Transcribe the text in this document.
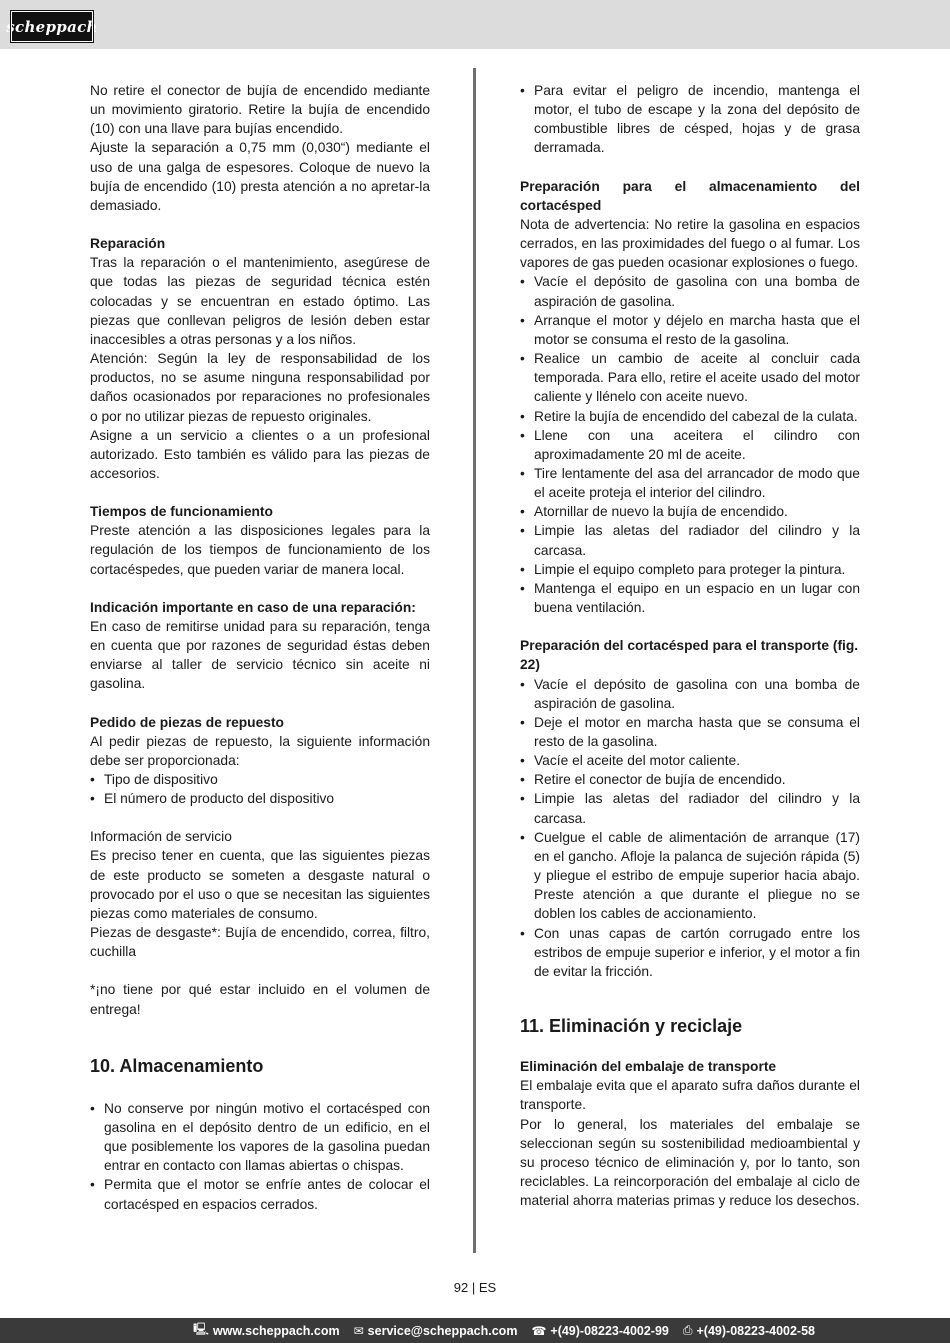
scheppach

No retire el conector de bujía de encendido mediante un movimiento giratorio. Retire la bujía de encendido (10) con una llave para bujías encendido.

Ajuste la separación a 0,75 mm (0,030“) mediante el uso de una galga de espesores. Coloque de nuevo la bujía de encendido (10) presta atención a no apretar-la demasiado.

Reparación

Tras la reparación o el mantenimiento, asegúrese de que todas las piezas de seguridad técnica estén colocadas y se encuentran en estado óptimo. Las piezas que conllevan peligros de lesión deben estar inaccesibles a otras personas y a los niños.

Atención: Según la ley de responsabilidad de los productos, no se asume ninguna responsabilidad por daños ocasionados por reparaciones no profesionales o por no utilizar piezas de repuesto originales.

Asigne a un servicio a clientes o a un profesional autorizado. Esto también es válido para las piezas de accesorios.

Tiempos de funcionamiento

Preste atención a las disposiciones legales para la regulación de los tiempos de funcionamiento de los cortacéspedes, que pueden variar de manera local.

Indicación importante en caso de una reparación:

En caso de remitirse unidad para su reparación, tenga en cuenta que por razones de seguridad éstas deben enviarse al taller de servicio técnico sin aceite ni gasolina.

Pedido de piezas de repuesto

Al pedir piezas de repuesto, la siguiente información debe ser proporcionada:

• Tipo de dispositivo
• El número de producto del dispositivo

Información de servicio

Es preciso tener en cuenta, que las siguientes piezas de este producto se someten a desgaste natural o provocado por el uso o que se necesitan las siguientes piezas como materiales de consumo.

Piezas de desgaste*: Bujía de encendido, correa, filtro, cuchilla

*¡no tiene por qué estar incluido en el volumen de entrega!

10. Almacenamiento

• No conserve por ningún motivo el cortacésped con gasolina en el depósito dentro de un edificio, en el que posiblemente los vapores de la gasolina puedan entrar en contacto con llamas abiertas o chispas.
• Permita que el motor se enfríe antes de colocar el cortacésped en espacios cerrados.
• Para evitar el peligro de incendio, mantenga el motor, el tubo de escape y la zona del depósito de combustible libres de césped, hojas y de grasa derramada.

Preparación para el almacenamiento del cortacésped

Nota de advertencia: No retire la gasolina en espacios cerrados, en las proximidades del fuego o al fumar. Los vapores de gas pueden ocasionar explosiones o fuego.

• Vacíe el depósito de gasolina con una bomba de aspiración de gasolina.
• Arranque el motor y déjelo en marcha hasta que el motor se consuma el resto de la gasolina.
• Realice un cambio de aceite al concluir cada temporada. Para ello, retire el aceite usado del motor caliente y llénelo con aceite nuevo.
• Retire la bujía de encendido del cabezal de la culata.
• Llene con una aceitera el cilindro con aproximadamente 20 ml de aceite.
• Tire lentamente del asa del arrancador de modo que el aceite proteja el interior del cilindro.
• Atornillar de nuevo la bujía de encendido.
• Limpie las aletas del radiador del cilindro y la carcasa.
• Limpie el equipo completo para proteger la pintura.
• Mantenga el equipo en un espacio en un lugar con buena ventilación.

Preparación del cortacésped para el transporte (fig. 22)

• Vacíe el depósito de gasolina con una bomba de aspiración de gasolina.
• Deje el motor en marcha hasta que se consuma el resto de la gasolina.
• Vacíe el aceite del motor caliente.
• Retire el conector de bujía de encendido.
• Limpie las aletas del radiador del cilindro y la carcasa.
• Cuelgue el cable de alimentación de arranque (17) en el gancho. Afloje la palanca de sujeción rápida (5) y pliegue el estribo de empuje superior hacia abajo. Preste atención a que durante el pliegue no se doblen los cables de accionamiento.
• Con unas capas de cartón corrugado entre los estribos de empuje superior e inferior, y el motor a fin de evitar la fricción.

11. Eliminación y reciclaje

Eliminación del embalaje de transporte

El embalaje evita que el aparato sufra daños durante el transporte.

Por lo general, los materiales del embalaje se seleccionan según su sostenibilidad medioambiental y su proceso técnico de eliminación y, por lo tanto, son reciclables. La reincorporación del embalaje al ciclo de material ahorra materias primas y reduce los desechos.

92 | ES
🖳 www.scheppach.com ✉ service@scheppach.com ☎ +(49)-08223-4002-99 ⎙ +(49)-08223-4002-58
